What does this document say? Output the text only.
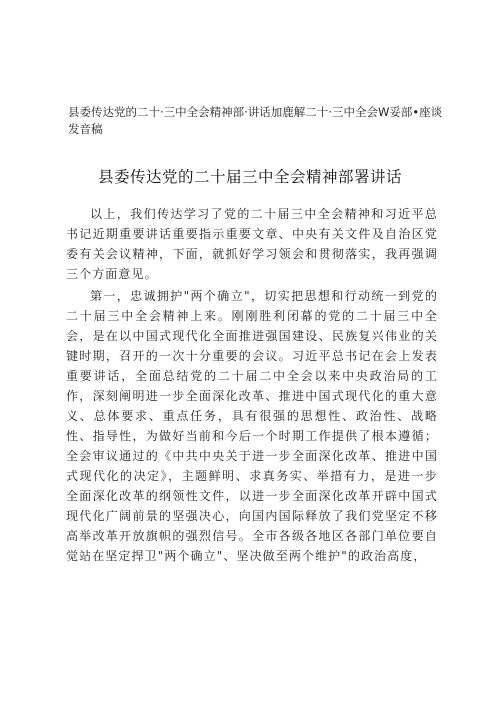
县委传达党的二十·三中全会精神部·讲话加鹿解二十·三中全会W妥部•座谈发音稿
县委传达党的二十届三中全会精神部署讲话

以上，我们传达学习了党的二十届三中全会精神和习近平总书记近期重要讲话重要指示重要文章、中央有关文件及自治区党委有关会议精神，下面，就抓好学习领会和贯彻落实，我再强调三个方面意见。

第一，忠诚拥护"两个确立"，切实把思想和行动统一到党的二十届三中全会精神上来。刚刚胜利闭幕的党的二十届三中全会，是在以中国式现代化全面推进强国建设、民族复兴伟业的关键时期，召开的一次十分重要的会议。习近平总书记在会上发表重要讲话，全面总结党的二十届二中全会以来中央政治局的工作，深刻阐明进一步全面深化改革、推进中国式现代化的重大意义、总体要求、重点任务，具有很强的思想性、政治性、战略性、指导性，为做好当前和今后一个时期工作提供了根本遵循；全会审议通过的《中共中央关于进一步全面深化改革、推进中国式现代化的决定》，主题鲜明、求真务实、举措有力，是进一步全面深化改革的纲领性文件，以进一步全面深化改革开辟中国式现代化广阔前景的坚强决心，向国内国际释放了我们党坚定不移高举改革开放旗帜的强烈信号。全市各级各地区各部门单位要自觉站在坚定捍卫"两个确立"、坚决做至两个维护"的政治高度，
